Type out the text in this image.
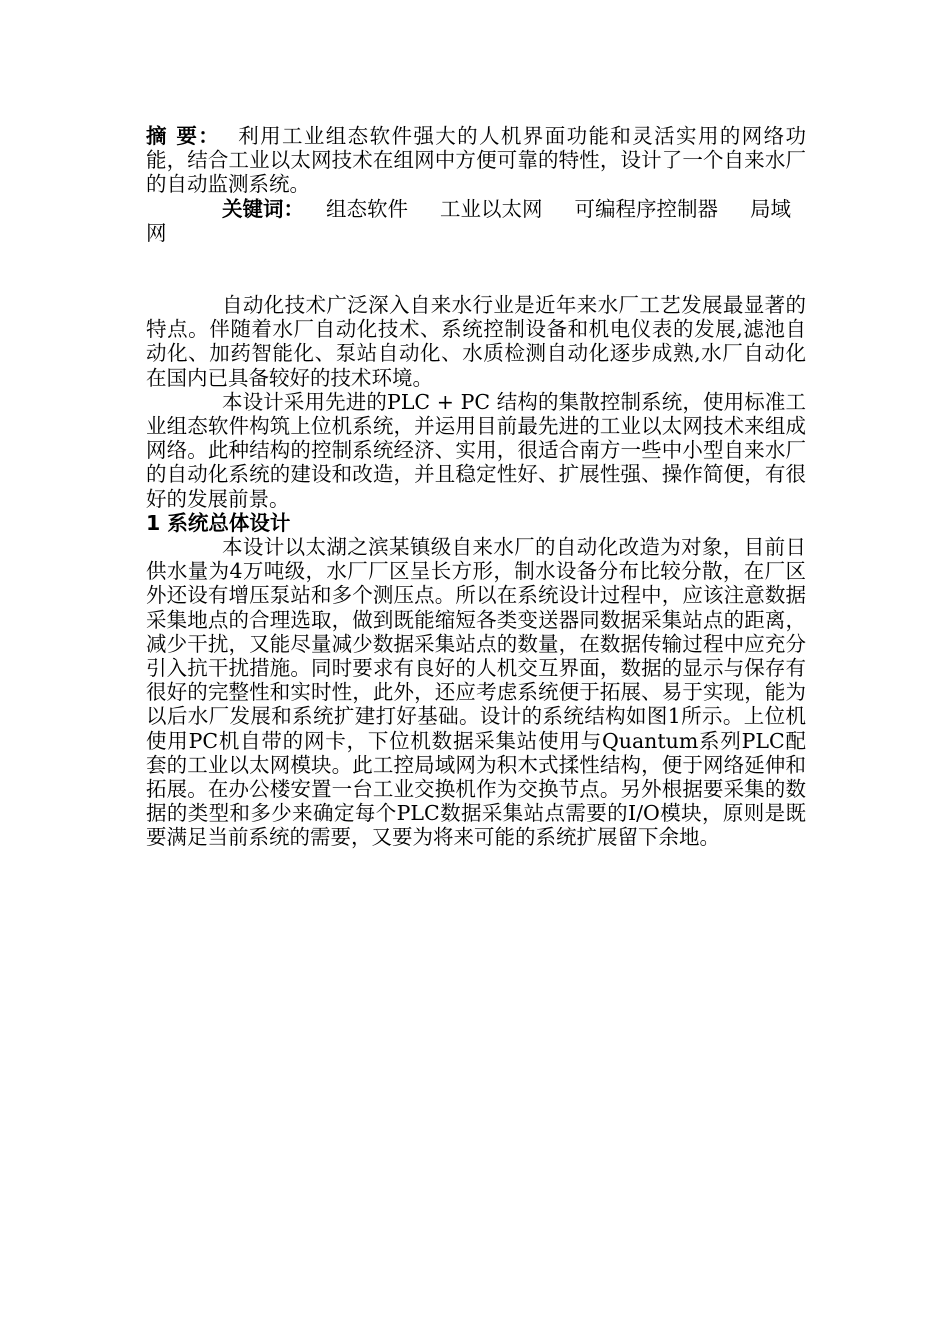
摘 要： 利用工业组态软件强大的人机界面功能和灵活实用的网络功能，结合工业以太网技术在组网中方便可靠的特性，设计了一个自来水厂的自动监测系统。
关键词： 组态软件 工业以太网 可编程序控制器 局域网

自动化技术广泛深入自来水行业是近年来水厂工艺发展最显著的特点。伴随着水厂自动化技术、系统控制设备和机电仪表的发展,滤池自动化、加药智能化、泵站自动化、水质检测自动化逐步成熟,水厂自动化在国内已具备较好的技术环境。

本设计采用先进的PLC + PC 结构的集散控制系统，使用标准工业组态软件构筑上位机系统，并运用目前最先进的工业以太网技术来组成网络。此种结构的控制系统经济、实用，很适合南方一些中小型自来水厂的自动化系统的建设和改造，并且稳定性好、扩展性强、操作简便，有很好的发展前景。

1 系统总体设计

本设计以太湖之滨某镇级自来水厂的自动化改造为对象，目前日供水量为4万吨级，水厂厂区呈长方形，制水设备分布比较分散，在厂区外还设有增压泵站和多个测压点。所以在系统设计过程中，应该注意数据采集地点的合理选取，做到既能缩短各类变送器同数据采集站点的距离，减少干扰，又能尽量减少数据采集站点的数量，在数据传输过程中应充分引入抗干扰措施。同时要求有良好的人机交互界面，数据的显示与保存有很好的完整性和实时性，此外，还应考虑系统便于拓展、易于实现，能为以后水厂发展和系统扩建打好基础。设计的系统结构如图1所示。上位机使用PC机自带的网卡，下位机数据采集站使用与Quantum系列PLC配套的工业以太网模块。此工控局域网为积木式揉性结构，便于网络延伸和拓展。在办公楼安置一台工业交换机作为交换节点。另外根据要采集的数据的类型和多少来确定每个PLC数据采集站点需要的I/O模块，原则是既要满足当前系统的需要，又要为将来可能的系统扩展留下余地。
